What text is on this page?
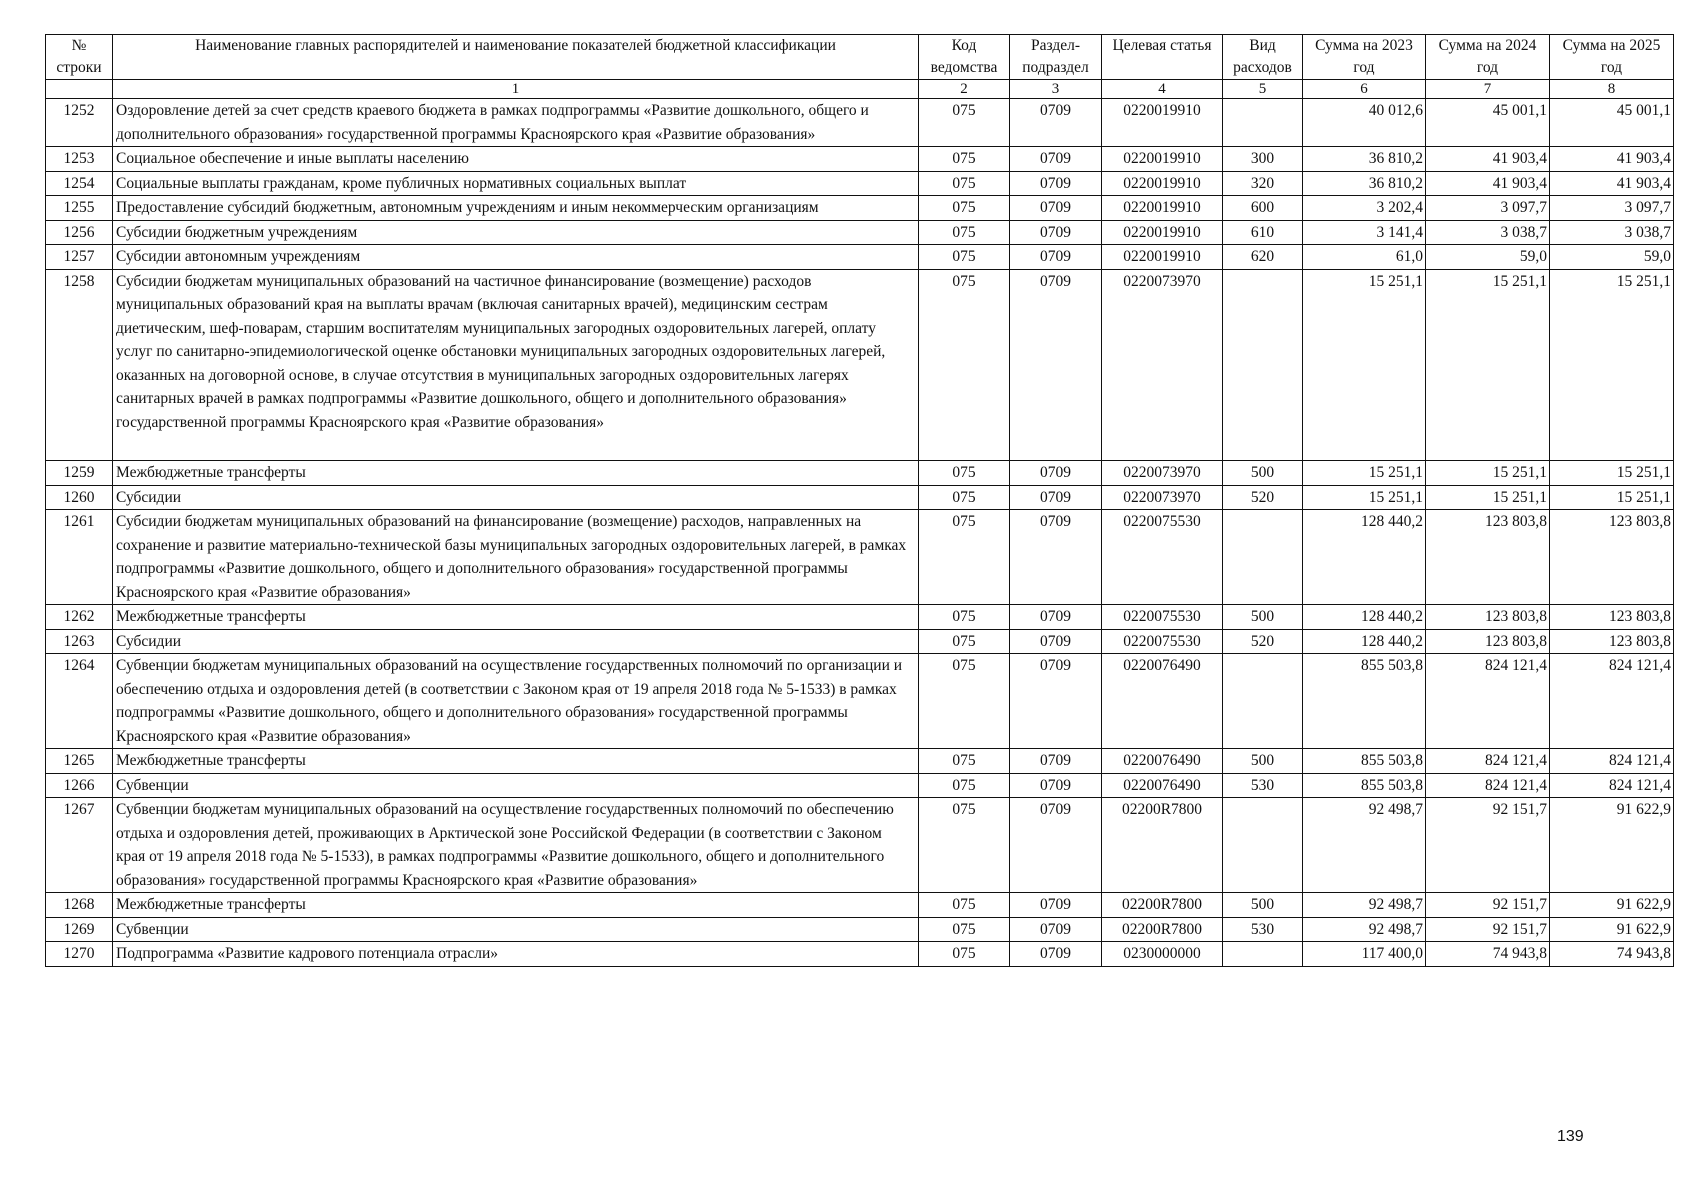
№ строки	Наименование главных распорядителей и наименование показателей бюджетной классификации	Код ведомства	Раздел-подраздел	Целевая статья	Вид расходов	Сумма на 2023 год	Сумма на 2024 год	Сумма на 2025 год
	1	2	3	4	5	6	7	8
1252	Оздоровление детей за счет средств краевого бюджета в рамках подпрограммы «Развитие дошкольного, общего и дополнительного образования» государственной программы Красноярского края «Развитие образования»	075	0709	0220019910		40 012,6	45 001,1	45 001,1
1253	Социальное обеспечение и иные выплаты населению	075	0709	0220019910	300	36 810,2	41 903,4	41 903,4
1254	Социальные выплаты гражданам, кроме публичных нормативных социальных выплат	075	0709	0220019910	320	36 810,2	41 903,4	41 903,4
1255	Предоставление субсидий бюджетным, автономным учреждениям и иным некоммерческим организациям	075	0709	0220019910	600	3 202,4	3 097,7	3 097,7
1256	Субсидии бюджетным учреждениям	075	0709	0220019910	610	3 141,4	3 038,7	3 038,7
1257	Субсидии автономным учреждениям	075	0709	0220019910	620	61,0	59,0	59,0
1258	Субсидии бюджетам муниципальных образований на частичное финансирование (возмещение) расходов муниципальных образований края на выплаты врачам (включая санитарных врачей), медицинским сестрам диетическим, шеф-поварам, старшим воспитателям муниципальных загородных оздоровительных лагерей, оплату услуг по санитарно-эпидемиологической оценке обстановки муниципальных загородных оздоровительных лагерей, оказанных на договорной основе, в случае отсутствия в муниципальных загородных оздоровительных лагерях санитарных врачей в рамках подпрограммы «Развитие дошкольного, общего и дополнительного образования» государственной программы Красноярского края «Развитие образования»	075	0709	0220073970		15 251,1	15 251,1	15 251,1
1259	Межбюджетные трансферты	075	0709	0220073970	500	15 251,1	15 251,1	15 251,1
1260	Субсидии	075	0709	0220073970	520	15 251,1	15 251,1	15 251,1
1261	Субсидии бюджетам муниципальных образований на финансирование (возмещение) расходов, направленных на сохранение и развитие материально-технической базы муниципальных загородных оздоровительных лагерей, в рамках подпрограммы «Развитие дошкольного, общего и дополнительного образования» государственной программы Красноярского края «Развитие образования»	075	0709	0220075530		128 440,2	123 803,8	123 803,8
1262	Межбюджетные трансферты	075	0709	0220075530	500	128 440,2	123 803,8	123 803,8
1263	Субсидии	075	0709	0220075530	520	128 440,2	123 803,8	123 803,8
1264	Субвенции бюджетам муниципальных образований на осуществление государственных полномочий по организации и обеспечению отдыха и оздоровления детей (в соответствии с Законом края от 19 апреля 2018 года № 5-1533) в рамках подпрограммы «Развитие дошкольного, общего и дополнительного образования» государственной программы Красноярского края «Развитие образования»	075	0709	0220076490		855 503,8	824 121,4	824 121,4
1265	Межбюджетные трансферты	075	0709	0220076490	500	855 503,8	824 121,4	824 121,4
1266	Субвенции	075	0709	0220076490	530	855 503,8	824 121,4	824 121,4
1267	Субвенции бюджетам муниципальных образований на осуществление государственных полномочий по обеспечению отдыха и оздоровления детей, проживающих в Арктической зоне Российской Федерации (в соответствии с Законом края от 19 апреля 2018 года № 5-1533), в рамках подпрограммы «Развитие дошкольного, общего и дополнительного образования» государственной программы Красноярского края «Развитие образования»	075	0709	02200R7800		92 498,7	92 151,7	91 622,9
1268	Межбюджетные трансферты	075	0709	02200R7800	500	92 498,7	92 151,7	91 622,9
1269	Субвенции	075	0709	02200R7800	530	92 498,7	92 151,7	91 622,9
1270	Подпрограмма «Развитие кадрового потенциала отрасли»	075	0709	0230000000		117 400,0	74 943,8	74 943,8
139
